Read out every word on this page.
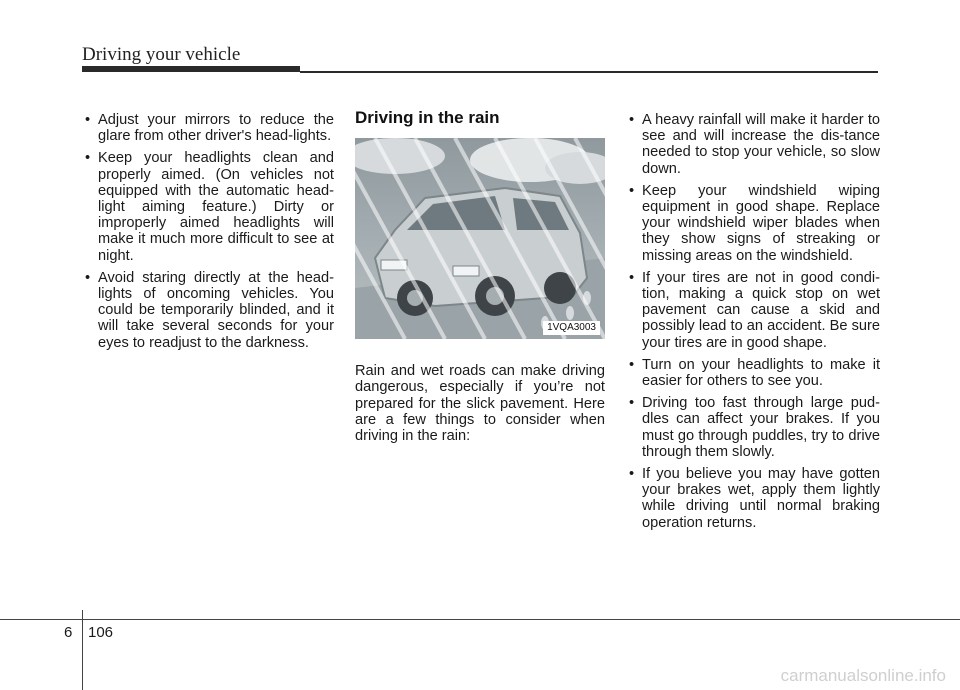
Driving your vehicle
• Adjust your mirrors to reduce the glare from other driver's head-lights.
• Keep your headlights clean and properly aimed. (On vehicles not equipped with the automatic head-light aiming feature.) Dirty or improperly aimed headlights will make it much more difficult to see at night.
• Avoid staring directly at the head-lights of oncoming vehicles. You could be temporarily blinded, and it will take several seconds for your eyes to readjust to the darkness.
Driving in the rain
1VQA3003

Rain and wet roads can make driving dangerous, especially if you’re not prepared for the slick pavement. Here are a few things to consider when driving in the rain:

• A heavy rainfall will make it harder to see and will increase the dis-tance needed to stop your vehicle, so slow down.
• Keep your windshield wiping equipment in good shape. Replace your windshield wiper blades when they show signs of streaking or missing areas on the windshield.
• If your tires are not in good condi-tion, making a quick stop on wet pavement can cause a skid and possibly lead to an accident. Be sure your tires are in good shape.
• Turn on your headlights to make it easier for others to see you.
• Driving too fast through large pud-dles can affect your brakes. If you must go through puddles, try to drive through them slowly.
• If you believe you may have gotten your brakes wet, apply them lightly while driving until normal braking operation returns.
6 106
carmanualsonline.info
